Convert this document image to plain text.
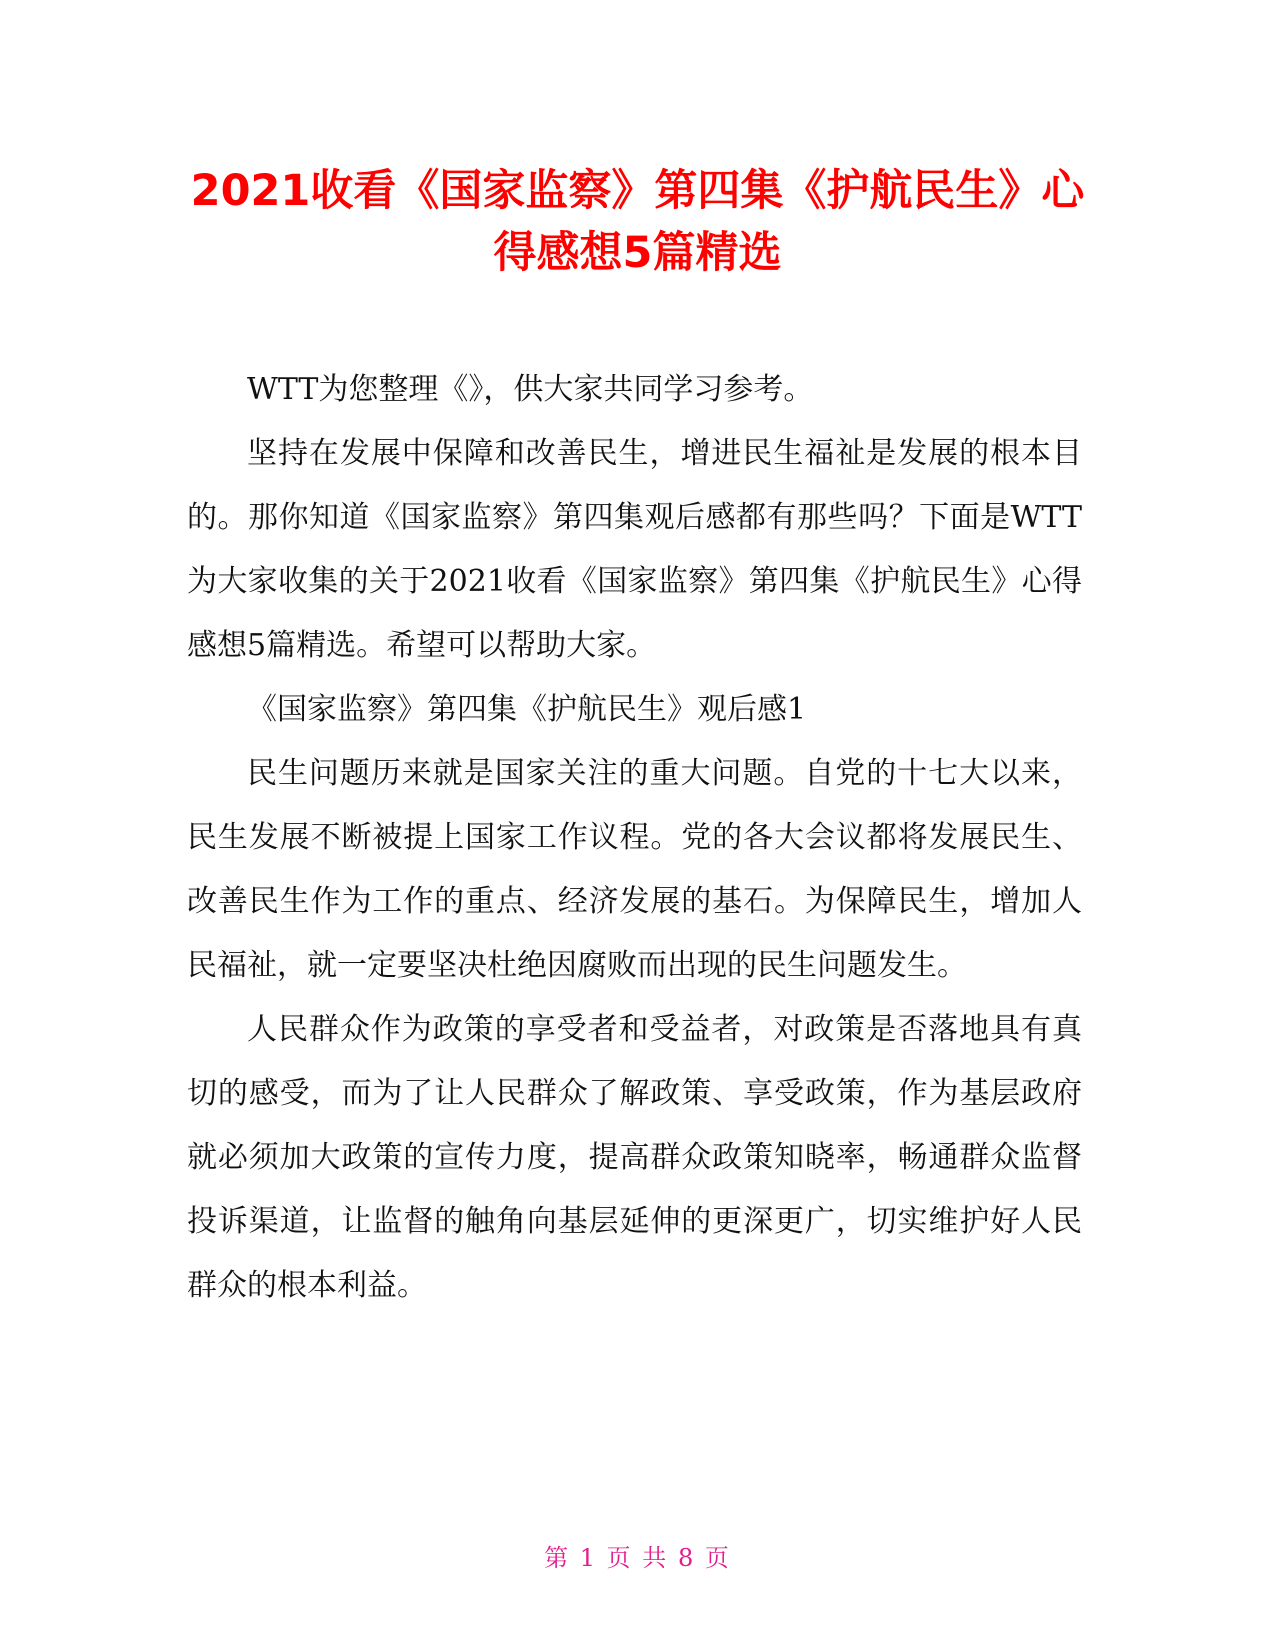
2021收看《国家监察》第四集《护航民生》心
得感想5篇精选

WTT为您整理《》，供大家共同学习参考。

坚持在发展中保障和改善民生，增进民生福祉是发展的根本目的。那你知道《国家监察》第四集观后感都有那些吗？下面是WTT为大家收集的关于2021收看《国家监察》第四集《护航民生》心得感想5篇精选。希望可以帮助大家。

《国家监察》第四集《护航民生》观后感1

民生问题历来就是国家关注的重大问题。自党的十七大以来，民生发展不断被提上国家工作议程。党的各大会议都将发展民生、改善民生作为工作的重点、经济发展的基石。为保障民生，增加人民福祉，就一定要坚决杜绝因腐败而出现的民生问题发生。

人民群众作为政策的享受者和受益者，对政策是否落地具有真切的感受，而为了让人民群众了解政策、享受政策，作为基层政府就必须加大政策的宣传力度，提高群众政策知晓率，畅通群众监督投诉渠道，让监督的触角向基层延伸的更深更广，切实维护好人民群众的根本利益。

第 1 页 共 8 页
